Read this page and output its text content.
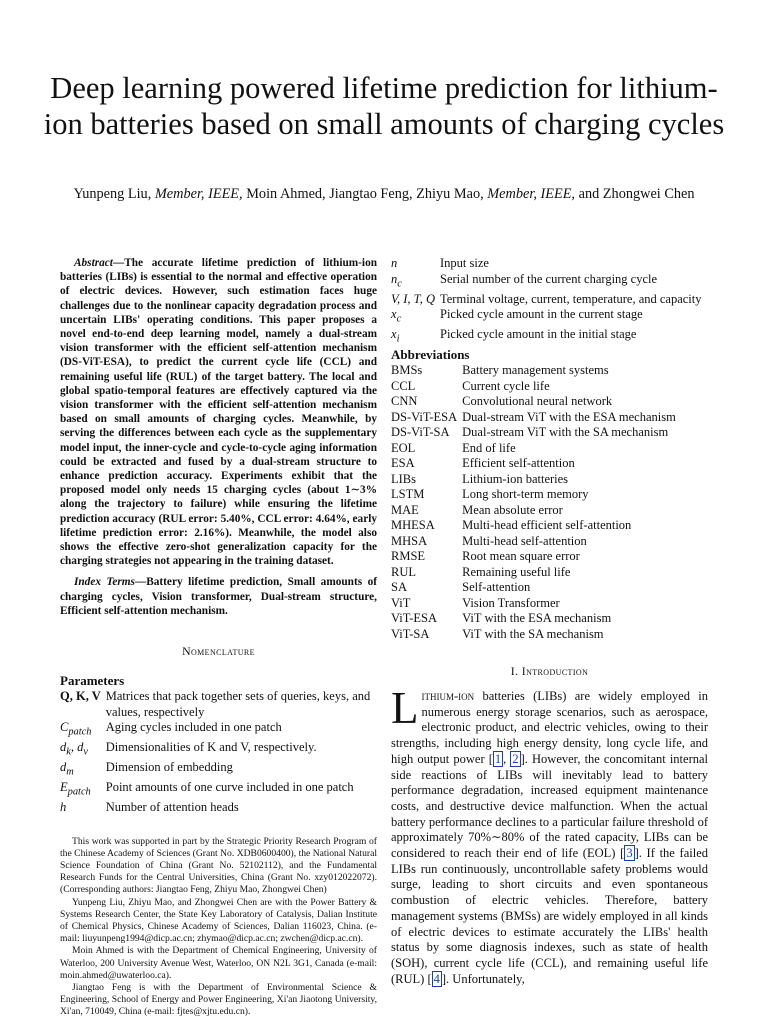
Deep learning powered lifetime prediction for lithium-ion batteries based on small amounts of charging cycles
Yunpeng Liu, Member, IEEE, Moin Ahmed, Jiangtao Feng, Zhiyu Mao, Member, IEEE, and Zhongwei Chen
Abstract—The accurate lifetime prediction of lithium-ion batteries (LIBs) is essential to the normal and effective operation of electric devices. However, such estimation faces huge challenges due to the nonlinear capacity degradation process and uncertain LIBs' operating conditions. This paper proposes a novel end-to-end deep learning model, namely a dual-stream vision transformer with the efficient self-attention mechanism (DS-ViT-ESA), to predict the current cycle life (CCL) and remaining useful life (RUL) of the target battery. The local and global spatio-temporal features are effectively captured via the vision transformer with the efficient self-attention mechanism based on small amounts of charging cycles. Meanwhile, by serving the differences between each cycle as the supplementary model input, the inner-cycle and cycle-to-cycle aging information could be extracted and fused by a dual-stream structure to enhance prediction accuracy. Experiments exhibit that the proposed model only needs 15 charging cycles (about 1∼3% along the trajectory to failure) while ensuring the lifetime prediction accuracy (RUL error: 5.40%, CCL error: 4.64%, early lifetime prediction error: 2.16%). Meanwhile, the model also shows the effective zero-shot generalization capacity for the charging strategies not appearing in the training dataset.
Index Terms—Battery lifetime prediction, Small amounts of charging cycles, Vision transformer, Dual-stream structure, Efficient self-attention mechanism.
Nomenclature
Parameters
Q, K, V	Matrices that pack together sets of queries, keys, and values, respectively
$C_{patch}$	Aging cycles included in one patch
$d_k$, $d_v$	Dimensionalities of K and V, respectively.
$d_m$	Dimension of embedding
$E_{patch}$	Point amounts of one curve included in one patch
h	Number of attention heads

This work was supported in part by the Strategic Priority Research Program of the Chinese Academy of Sciences (Grant No. XDB0600400), the National Natural Science Foundation of China (Grant No. 52102112), and the Fundamental Research Funds for the Central Universities, China (Grant No. xzy012022072). (Corresponding authors: Jiangtao Feng, Zhiyu Mao, Zhongwei Chen)

Yunpeng Liu, Zhiyu Mao, and Zhongwei Chen are with the Power Battery & Systems Research Center, the State Key Laboratory of Catalysis, Dalian Institute of Chemical Physics, Chinese Academy of Sciences, Dalian 116023, China. (e-mail: liuyunpeng1994@dicp.ac.cn; zhymao@dicp.ac.cn; zwchen@dicp.ac.cn).

Moin Ahmed is with the Department of Chemical Engineering, University of Waterloo, 200 University Avenue West, Waterloo, ON N2L 3G1, Canada (e-mail: moin.ahmed@uwaterloo.ca).

Jiangtao Feng is with the Department of Environmental Science & Engineering, School of Energy and Power Engineering, Xi'an Jiaotong University, Xi'an, 710049, China (e-mail: fjtes@xjtu.edu.cn).

n	Input size
$n_c$	Serial number of the current charging cycle
V, I, T, Q	Terminal voltage, current, temperature, and capacity
$x_c$	Picked cycle amount in the current stage
$x_i$	Picked cycle amount in the initial stage
Abbreviations
BMSs	Battery management systems
CCL	Current cycle life
CNN	Convolutional neural network
DS-ViT-ESA	Dual-stream ViT with the ESA mechanism
DS-ViT-SA	Dual-stream ViT with the SA mechanism
EOL	End of life
ESA	Efficient self-attention
LIBs	Lithium-ion batteries
LSTM	Long short-term memory
MAE	Mean absolute error
MHESA	Multi-head efficient self-attention
MHSA	Multi-head self-attention
RMSE	Root mean square error
RUL	Remaining useful life
SA	Self-attention
ViT	Vision Transformer
ViT-ESA	ViT with the ESA mechanism
ViT-SA	ViT with the SA mechanism
I. Introduction
Lithium-ion batteries (LIBs) are widely employed in numerous energy storage scenarios, such as aerospace, electronic product, and electric vehicles, owing to their strengths, including high energy density, long cycle life, and high output power [ 1 , 2 ]. However, the concomitant internal side reactions of LIBs will inevitably lead to battery performance degradation, increased equipment maintenance costs, and destructive device malfunction. When the actual battery performance declines to a particular failure threshold of approximately 70%∼80% of the rated capacity, LIBs can be considered to reach their end of life (EOL) [ 3 ]. If the failed LIBs run continuously, uncontrollable safety problems would surge, leading to short circuits and even spontaneous combustion of electric vehicles. Therefore, battery management systems (BMSs) are widely employed in all kinds of electric devices to estimate accurately the LIBs' health status by some diagnosis indexes, such as state of health (SOH), current cycle life (CCL), and remaining useful life (RUL) [ 4 ]. Unfortunately,
